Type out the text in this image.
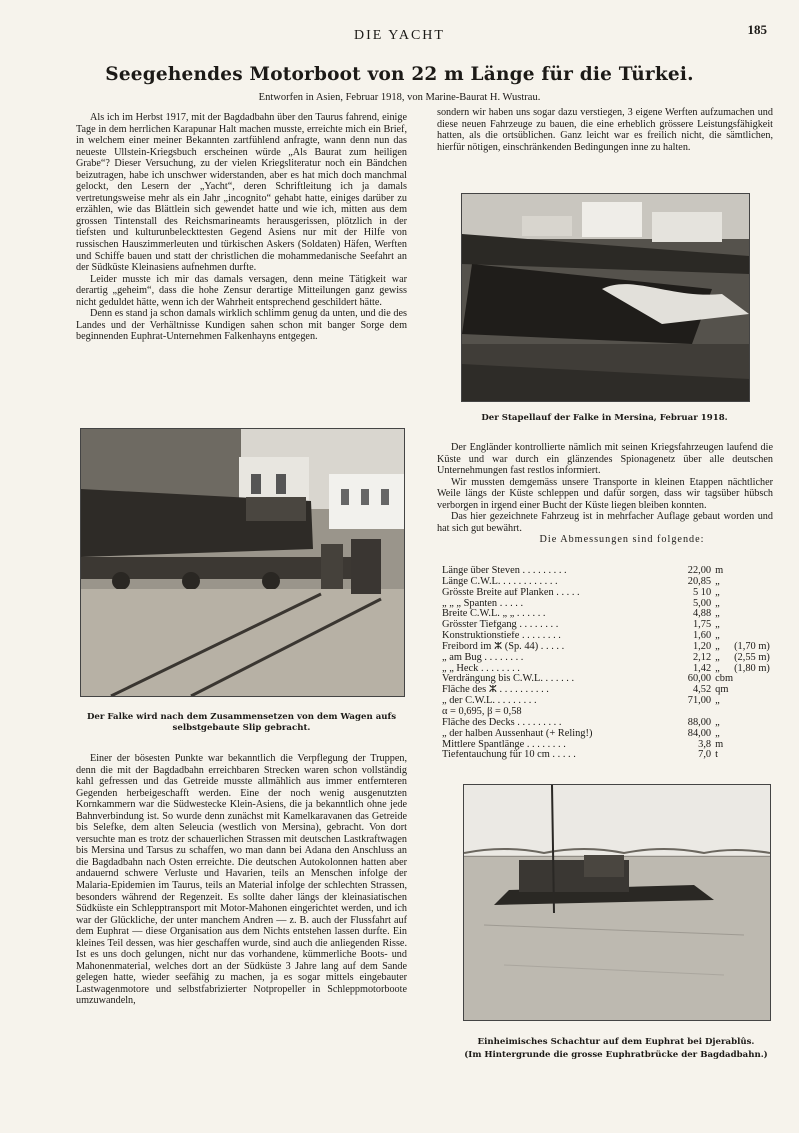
DIE YACHT	185
Seegehendes Motorboot von 22 m Länge für die Türkei.
Entworfen in Asien, Februar 1918, von Marine-Baurat H. Wustrau.

Als ich im Herbst 1917, mit der Bagdadbahn über den Taurus fahrend, einige Tage in dem herrlichen Karapunar Halt machen musste, erreichte mich ein Brief, in welchem einer meiner Bekannten zartfühlend anfragte, wann denn nun das neueste Ullstein-Kriegsbuch erscheinen würde „Als Baurat zum heiligen Grabe“? Dieser Versuchung, zu der vielen Kriegsliteratur noch ein Bändchen beizutragen, habe ich unschwer widerstanden, aber es hat mich doch manchmal gelockt, den Lesern der „Yacht“, deren Schriftleitung ich ja damals vertretungsweise mehr als ein Jahr „incognito“ gehabt hatte, einiges darüber zu erzählen, wie das Blättlein sich gewendet hatte und wie ich, mitten aus dem grossen Tintenstall des Reichsmarineamts herausgerissen, plötzlich in der tiefsten und kulturunbeleckttesten Gegend Asiens nur mit der Hilfe von russischen Hauszimmerleuten und türkischen Askers (Soldaten) Häfen, Werften und Schiffe bauen und statt der christlichen die mohammedanische Seefahrt an der Südküste Kleinasiens aufnehmen durfte.

Leider musste ich mir das damals versagen, denn meine Tätigkeit war derartig „geheim“, dass die hohe Zensur derartige Mitteilungen ganz gewiss nicht geduldet hätte, wenn ich der Wahrheit entsprechend geschildert hätte.

Denn es stand ja schon damals wirklich schlimm genug da unten, und die des Landes und der Verhältnisse Kundigen sahen schon mit banger Sorge dem beginnenden Euphrat-Unternehmen Falkenhayns entgegen.

Der Falke wird nach dem Zusammensetzen von dem Wagen aufs selbstgebaute Slip gebracht.

Einer der bösesten Punkte war bekanntlich die Verpflegung der Truppen, denn die mit der Bagdadbahn erreichbaren Strecken waren schon vollständig kahl gefressen und das Getreide musste allmählich aus immer entfernteren Gegenden herbeigeschafft werden. Eine der noch wenig ausgenutzten Kornkammern war die Südwestecke Klein-Asiens, die ja bekanntlich ohne jede Bahnverbindung ist. So wurde denn zunächst mit Kamelkaravanen das Getreide bis Selefke, dem alten Seleucia (westlich von Mersina), gebracht. Von dort versuchte man es trotz der schauerlichen Strassen mit deutschen Lastkraftwagen bis Mersina und Tarsus zu schaffen, wo man dann bei Adana den Anschluss an die Bagdadbahn nach Osten erreichte. Die deutschen Autokolonnen hatten aber andauernd schwere Verluste und Havarien, teils an Menschen infolge der Malaria-Epidemien im Taurus, teils an Material infolge der schlechten Strassen, besonders während der Regenzeit. Es sollte daher längs der kleinasiatischen Südküste ein Schlepptransport mit Motor-Mahonen eingerichtet werden, und ich war der Glückliche, der unter manchem Andren — z. B. auch der Flussfahrt auf dem Euphrat — diese Organisation aus dem Nichts entstehen lassen durfte. Ein kleines Teil dessen, was hier geschaffen wurde, sind auch die anliegenden Risse. Ist es uns doch gelungen, nicht nur das vorhandene, kümmerliche Boots- und Mahonenmaterial, welches dort an der Südküste 3 Jahre lang auf dem Sande gelegen hatte, wieder seefähig zu machen, ja es sogar mittels eingebauter Lastwagenmotore und selbstfabrizierter Notpropeller in Schleppmotorboote umzuwandeln,

sondern wir haben uns sogar dazu verstiegen, 3 eigene Werften aufzumachen und diese neuen Fahrzeuge zu bauen, die eine erheblich grössere Leistungsfähigkeit hatten, als die ortsüblichen. Ganz leicht war es freilich nicht, die sämtlichen, hierfür nötigen, einschränkenden Bedingungen inne zu halten.

Der Stapellauf der Falke in Mersina, Februar 1918.

Der Engländer kontrollierte nämlich mit seinen Kriegsfahrzeugen laufend die Küste und war durch ein glänzendes Spionagenetz über alle deutschen Unternehmungen fast restlos informiert.

Wir mussten demgemäss unsere Transporte in kleinen Etappen nächtlicher Weile längs der Küste schleppen und dafür sorgen, dass wir tagsüber hübsch verborgen in irgend einer Bucht der Küste liegen bleiben konnten.

Das hier gezeichnete Fahrzeug ist in mehrfacher Auflage gebaut worden und hat sich gut bewährt.

Die Abmessungen sind folgende:

Länge über Steven . . . . . . . . .	22,00 m
Länge C.W.L. . . . . . . . . . . .	20,85 „
Grösste Breite auf Planken . . . . .	5 10 „
„ „ „ Spanten . . . . .	5,00 „
Breite C.W.L. „ „ . . . . . .	4,88 „
Grösster Tiefgang . . . . . . . .	1,75 „
Konstruktionstiefe . . . . . . . .	1,60 „
Freibord im ⵣ (Sp. 44) . . . . .	1,20 „	(1,70 m)
„ am Bug . . . . . . . .	2,12 „	(2,55 m)
„ „ Heck . . . . . . . .	1,42 „	(1,80 m)
Verdrängung bis C.W.L. . . . . . .	60,00 cbm
Fläche des ⵣ . . . . . . . . . .	4,52 qm
„ der C.W.L. . . . . . . . .	71,00 „
α = 0,695, β = 0,58
Fläche des Decks . . . . . . . . .	88,00 „
„ der halben Aussenhaut (+ Reling!)	84,00 „
Mittlere Spantlänge . . . . . . . .	3,8 m
Tiefentauchung für 10 cm . . . . .	7,0 t
Einheimisches Schachtur auf dem Euphrat bei Djerablûs.
(Im Hintergrunde die grosse Euphratbrücke der Bagdadbahn.)
